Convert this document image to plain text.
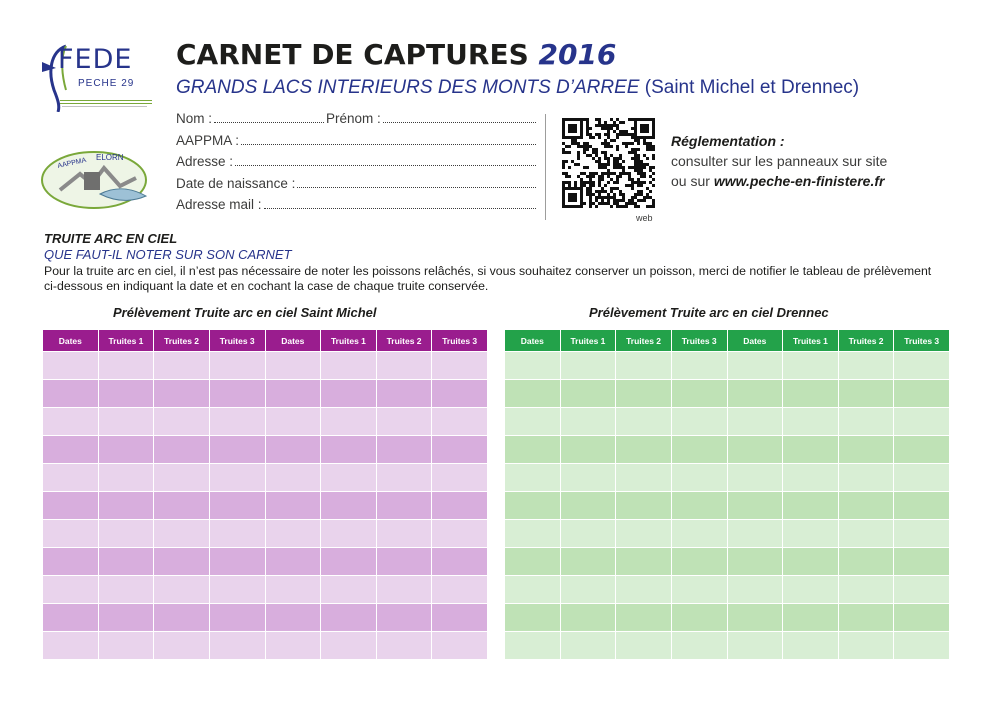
FEDE
PECHE 29
AAPPMA ELORN
CARNET DE CAPTURES 2016
GRANDS LACS INTERIEURS DES MONTS D’ARREE (Saint Michel et Drennec)
Nom :	Prénom :
AAPPMA :
Adresse :
Date de naissance :
Adresse mail :
web
Réglementation :
consulter sur les panneaux sur site
ou sur www.peche-en-finistere.fr
TRUITE ARC EN CIEL
QUE FAUT-IL NOTER SUR SON CARNET
Pour la truite arc en ciel, il n’est pas nécessaire de noter les poissons relâchés, si vous souhaitez conserver un poisson, merci de notifier le tableau de prélèvement ci-dessous en indiquant la date et en cochant la case de chaque truite conservée.
Prélèvement Truite arc en ciel Saint Michel	Prélèvement Truite arc en ciel Drennec
Dates	Truites 1	Truites 2	Truites 3	Dates	Truites 1	Truites 2	Truites 3

								Dates	Truites 1	Truites 2	Truites 3	Dates	Truites 1	Truites 2	Truites 3
